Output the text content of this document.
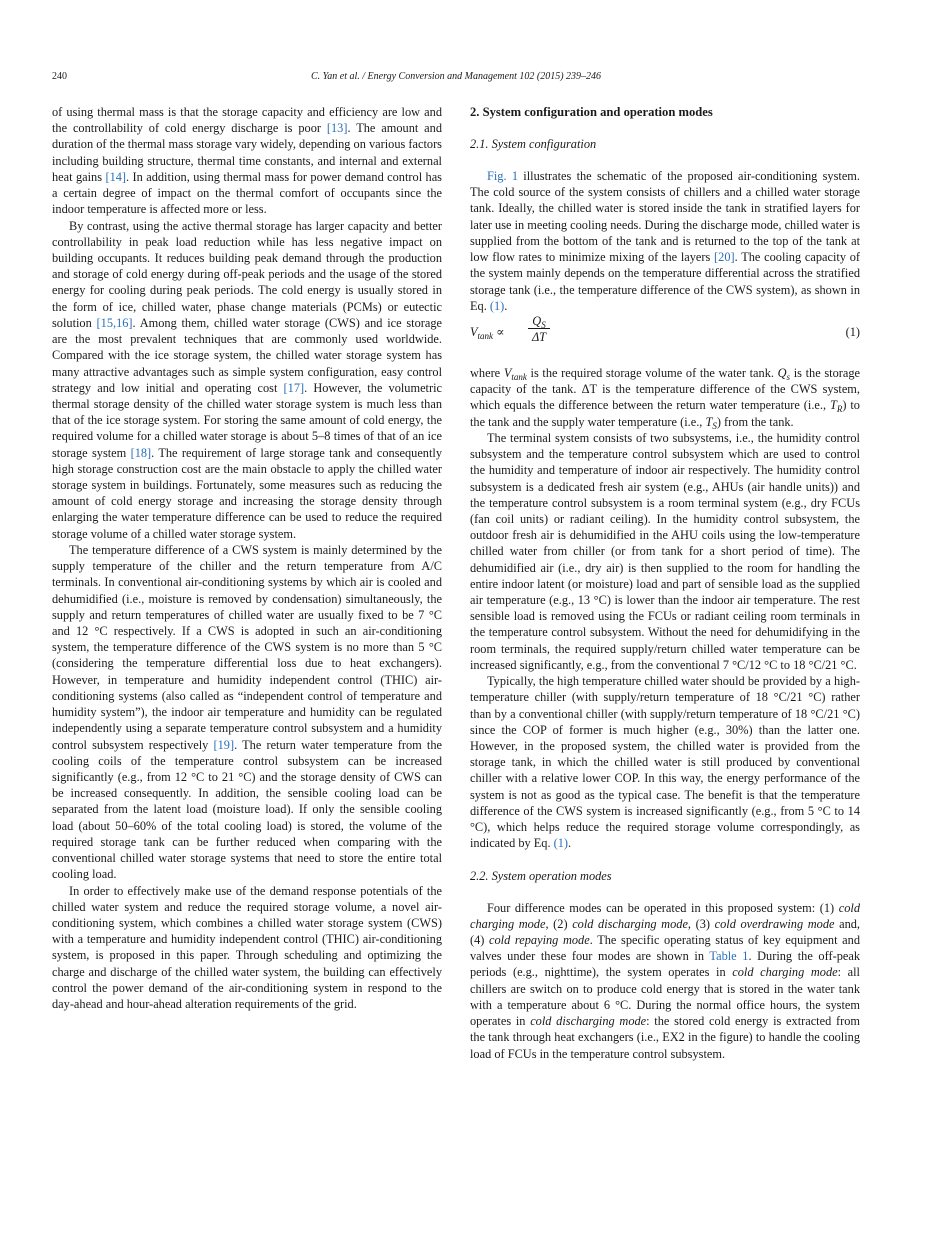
240	C. Yan et al. / Energy Conversion and Management 102 (2015) 239–246

of using thermal mass is that the storage capacity and efficiency are low and the controllability of cold energy discharge is poor [13]. The amount and duration of the thermal mass storage vary widely, depending on various factors including building structure, thermal time constants, and internal and external heat gains [14]. In addition, using thermal mass for power demand control has a certain degree of impact on the thermal comfort of occupants since the indoor temperature is affected more or less.

By contrast, using the active thermal storage has larger capacity and better controllability in peak load reduction while has less negative impact on building occupants. It reduces building peak demand through the production and storage of cold energy during off-peak periods and the usage of the stored energy for cooling during peak periods. The cold energy is usually stored in the form of ice, chilled water, phase change materials (PCMs) or eutectic solution [15,16]. Among them, chilled water storage (CWS) and ice storage are the most prevalent techniques that are commonly used worldwide. Compared with the ice storage system, the chilled water storage system has many attractive advantages such as simple system configuration, easy control strategy and low initial and operating cost [17]. However, the volumetric thermal storage density of the chilled water storage system is much less than that of the ice storage system. For storing the same amount of cold energy, the required volume for a chilled water storage is about 5–8 times of that of an ice storage system [18]. The requirement of large storage tank and consequently high storage construction cost are the main obstacle to apply the chilled water storage system in buildings. Fortunately, some measures such as reducing the amount of cold energy storage and increasing the storage density through enlarging the water temperature difference can be used to reduce the required storage volume of a chilled water storage system.

The temperature difference of a CWS system is mainly determined by the supply temperature of the chiller and the return temperature from A/C terminals. In conventional air-conditioning systems by which air is cooled and dehumidified (i.e., moisture is removed by condensation) simultaneously, the supply and return temperatures of chilled water are usually fixed to be 7 °C and 12 °C respectively. If a CWS is adopted in such an air-conditioning system, the temperature difference of the CWS system is no more than 5 °C (considering the temperature differential loss due to heat exchangers). However, in temperature and humidity independent control (THIC) air-conditioning systems (also called as “independent control of temperature and humidity system”), the indoor air temperature and humidity can be regulated independently using a separate temperature control subsystem and a humidity control subsystem respectively [19]. The return water temperature from the cooling coils of the temperature control subsystem can be increased significantly (e.g., from 12 °C to 21 °C) and the storage density of CWS can be increased consequently. In addition, the sensible cooling load can be separated from the latent load (moisture load). If only the sensible cooling load (about 50–60% of the total cooling load) is stored, the volume of the required storage tank can be further reduced when comparing with the conventional chilled water storage systems that need to store the entire total cooling load.

In order to effectively make use of the demand response potentials of the chilled water system and reduce the required storage volume, a novel air-conditioning system, which combines a chilled water storage system (CWS) with a temperature and humidity independent control (THIC) air-conditioning system, is proposed in this paper. Through scheduling and optimizing the charge and discharge of the chilled water system, the building can effectively control the power demand of the air-conditioning system in respond to the day-ahead and hour-ahead alteration requirements of the grid.

2. System configuration and operation modes
2.1. System configuration

Fig. 1 illustrates the schematic of the proposed air-conditioning system. The cold source of the system consists of chillers and a chilled water storage tank. Ideally, the chilled water is stored inside the tank in stratified layers for later use in meeting cooling needs. During the discharge mode, chilled water is supplied from the bottom of the tank and is returned to the top of the tank at low flow rates to minimize mixing of the layers [20]. The cooling capacity of the system mainly depends on the temperature differential across the stratified storage tank (i.e., the temperature difference of the CWS system), as shown in Eq. (1).

$V_{tank} \propto \frac{Q_S}{\Delta T}$	(1)

where $V_{tank}$ is the required storage volume of the water tank. $Q_s$ is the storage capacity of the tank. ΔT is the temperature difference of the CWS system, which equals the difference between the return water temperature (i.e., $T_R$) to the tank and the supply water temperature (i.e., $T_S$) from the tank.

The terminal system consists of two subsystems, i.e., the humidity control subsystem and the temperature control subsystem which are used to control the humidity and temperature of indoor air respectively. The humidity control subsystem is a dedicated fresh air system (e.g., AHUs (air handle units)) and the temperature control subsystem is a room terminal system (e.g., dry FCUs (fan coil units) or radiant ceiling). In the humidity control subsystem, the outdoor fresh air is dehumidified in the AHU coils using the low-temperature chilled water from chiller (or from tank for a short period of time). The dehumidified air (i.e., dry air) is then supplied to the room for handling the entire indoor latent (or moisture) load and part of sensible load as the supplied air temperature (e.g., 13 °C) is lower than the indoor air temperature. The rest sensible load is removed using the FCUs or radiant ceiling room terminals in the temperature control subsystem. Without the need for dehumidifying in the room terminals, the required supply/return chilled water temperature can be increased significantly, e.g., from the conventional 7 °C/12 °C to 18 °C/21 °C.

Typically, the high temperature chilled water should be provided by a high-temperature chiller (with supply/return temperature of 18 °C/21 °C) rather than by a conventional chiller (with supply/return temperature of 18 °C/21 °C) since the COP of former is much higher (e.g., 30%) than the latter one. However, in the proposed system, the chilled water is provided from the storage tank, in which the chilled water is still produced by conventional chiller with a relative lower COP. In this way, the energy performance of the system is not as good as the typical case. The benefit is that the temperature difference of the CWS system is increased significantly (e.g., from 5 °C to 14 °C), which helps reduce the required storage volume correspondingly, as indicated by Eq. (1).

2.2. System operation modes

Four difference modes can be operated in this proposed system: (1) cold charging mode, (2) cold discharging mode, (3) cold overdrawing mode and, (4) cold repaying mode. The specific operating status of key equipment and valves under these four modes are shown in Table 1. During the off-peak periods (e.g., nighttime), the system operates in cold charging mode: all chillers are switch on to produce cold energy that is stored in the water tank with a temperature about 6 °C. During the normal office hours, the system operates in cold discharging mode: the stored cold energy is extracted from the tank through heat exchangers (i.e., EX2 in the figure) to handle the cooling load of FCUs in the temperature control subsystem.
